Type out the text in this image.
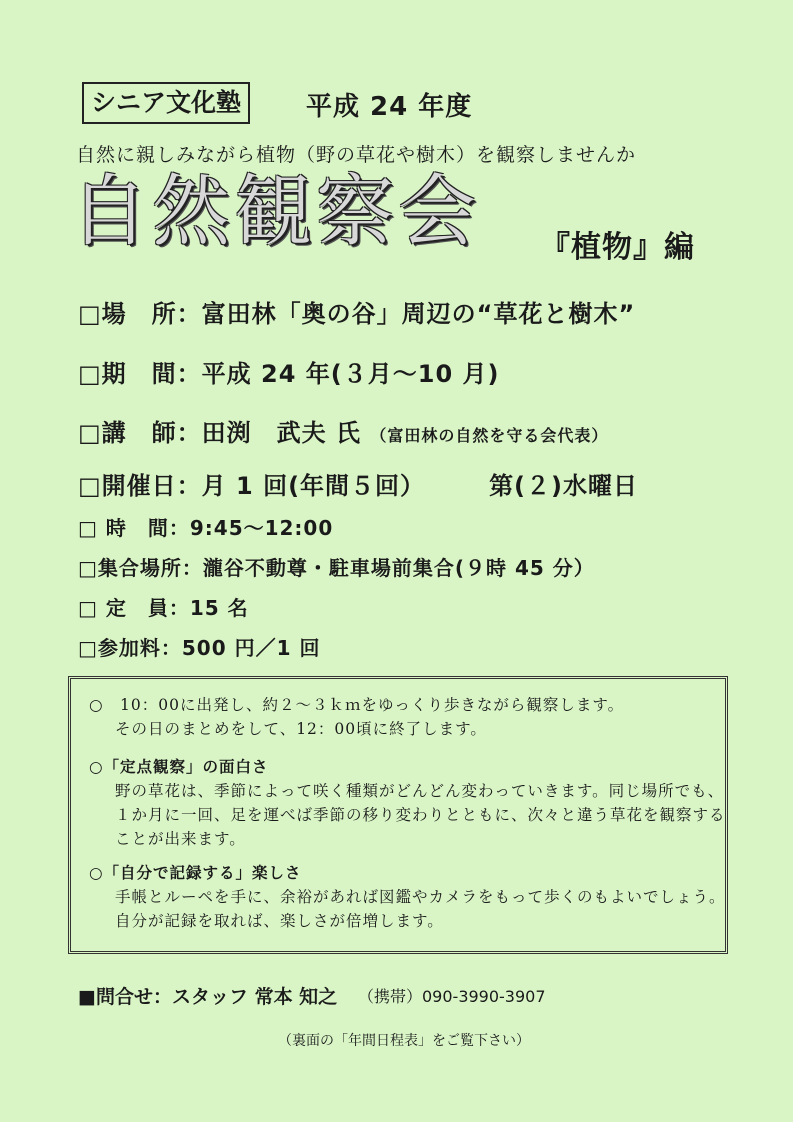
シニア文化塾	平成 24 年度
自然に親しみながら植物（野の草花や樹木）を観察しませんか
自然観察会 『植物』編
□場　所：富田林「奥の谷」周辺の“草花と樹木”
□期　間：平成 24 年(３月～10 月)
□講　師：田渕　武夫 氏 （富田林の自然を守る会代表）
□開催日：月 1 回(年間５回）	第(２)水曜日
□ 時　間：9:45～12:00
□集合場所：瀧谷不動尊・駐車場前集合(９時 45 分）
□ 定　員：15 名
□参加料：500 円／1 回
○　10：00に出発し、約２～３ｋｍをゆっくり歩きながら観察します。
その日のまとめをして、12：00頃に終了します。
○「定点観察」の面白さ
野の草花は、季節によって咲く種類がどんどん変わっていきます。同じ場所でも、
１か月に一回、足を運べば季節の移り変わりとともに、次々と違う草花を観察する
ことが出来ます。
○「自分で記録する」楽しさ
手帳とルーペを手に、余裕があれば図鑑やカメラをもって歩くのもよいでしょう。
自分が記録を取れば、楽しさが倍増します。
■問合せ：スタッフ 常本 知之 （携帯）090-3990-3907
（裏面の「年間日程表」をご覧下さい）
